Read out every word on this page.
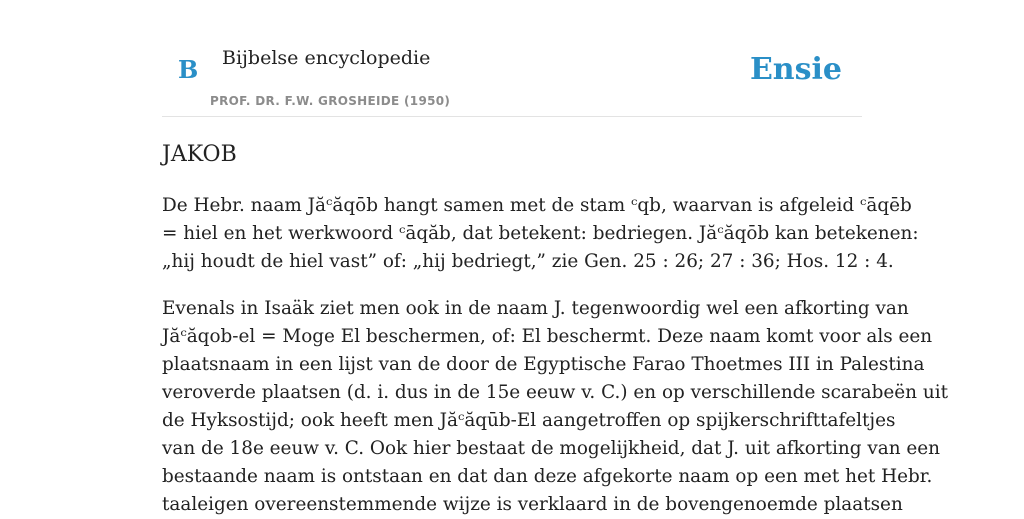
B Bijbelse encyclopedie
PROF. DR. F.W. GROSHEIDE (1950)
Ensie
JAKOB

De Hebr. naam Jăᶜăqōb hangt samen met de stam ᶜqb, waarvan is afgeleid ᶜāqēb
= hiel en het werkwoord ᶜāqăb, dat betekent: bedriegen. Jăᶜăqōb kan betekenen:
„hij houdt de hiel vast” of: „hij bedriegt,” zie Gen. 25 : 26; 27 : 36; Hos. 12 : 4.

Evenals in Isaäk ziet men ook in de naam J. tegenwoordig wel een afkorting van
Jăᶜăqob-el = Moge El beschermen, of: El beschermt. Deze naam komt voor als een
plaatsnaam in een lijst van de door de Egyptische Farao Thoetmes III in Palestina
veroverde plaatsen (d. i. dus in de 15e eeuw v. C.) en op verschillende scarabeën uit
de Hyksostijd; ook heeft men Jăᶜăqūb-El aangetroffen op spijkerschrifttafeltjes
van de 18e eeuw v. C. Ook hier bestaat de mogelijkheid, dat J. uit afkorting van een
bestaande naam is ontstaan en dat dan deze afgekorte naam op een met het Hebr.
taaleigen overeenstemmende wijze is verklaard in de bovengenoemde plaatsen
